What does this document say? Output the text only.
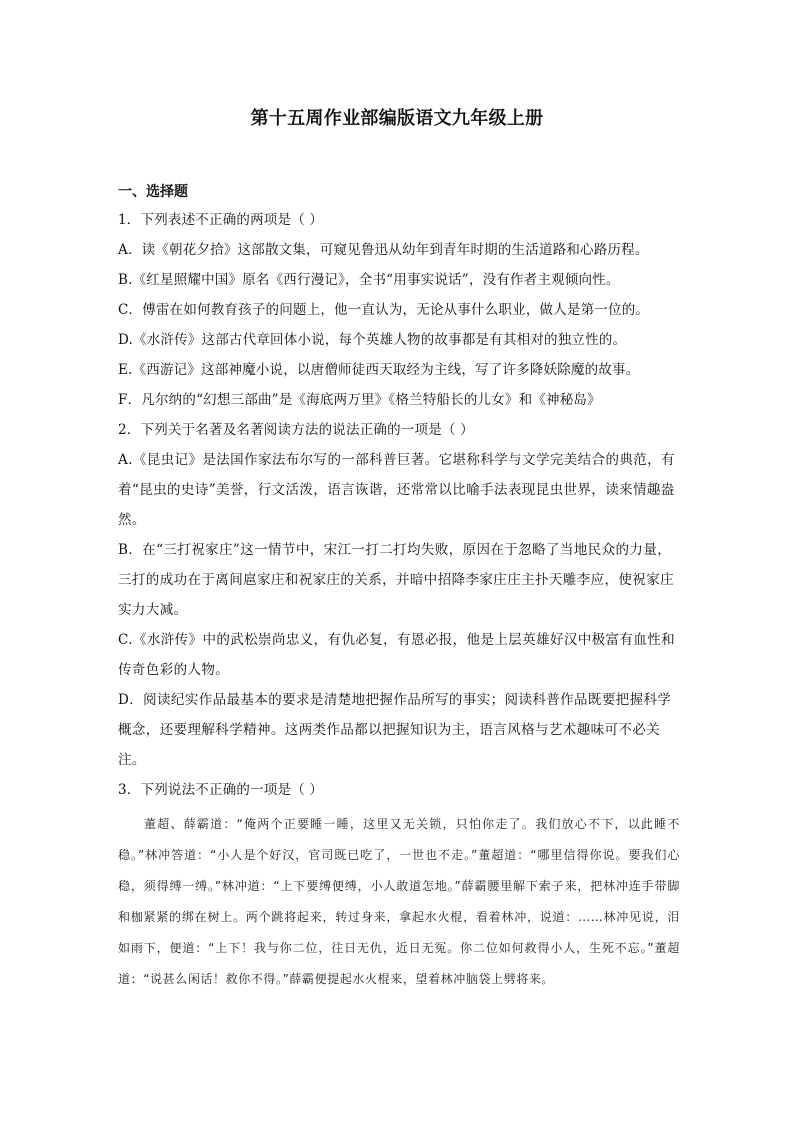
第十五周作业部编版语文九年级上册
一、选择题
1．下列表述不正确的两项是（ ）
A．读《朝花夕拾》这部散文集，可窥见鲁迅从幼年到青年时期的生活道路和心路历程。
B.《红星照耀中国》原名《西行漫记》，全书“用事实说话”，没有作者主观倾向性。
C．傅雷在如何教育孩子的问题上，他一直认为，无论从事什么职业，做人是第一位的。
D.《水浒传》这部古代章回体小说，每个英雄人物的故事都是有其相对的独立性的。
E.《西游记》这部神魔小说，以唐僧师徒西天取经为主线，写了许多降妖除魔的故事。
F．凡尔纳的“幻想三部曲”是《海底两万里》《格兰特船长的儿女》和《神秘岛》
2．下列关于名著及名著阅读方法的说法正确的一项是（ ）
A.《昆虫记》是法国作家法布尔写的一部科普巨著。它堪称科学与文学完美结合的典范，有着“昆虫的史诗”美誉，行文活泼，语言诙谐，还常常以比喻手法表现昆虫世界，读来情趣盎然。
B．在“三打祝家庄”这一情节中，宋江一打二打均失败，原因在于忽略了当地民众的力量，三打的成功在于离间扈家庄和祝家庄的关系，并暗中招降李家庄庄主扑天雕李应，使祝家庄实力大减。
C.《水浒传》中的武松崇尚忠义，有仇必复，有恩必报，他是上层英雄好汉中极富有血性和传奇色彩的人物。
D．阅读纪实作品最基本的要求是清楚地把握作品所写的事实；阅读科普作品既要把握科学概念，还要理解科学精神。这两类作品都以把握知识为主，语言风格与艺术趣味可不必关注。
3．下列说法不正确的一项是（ ）
董超、薛霸道：“俺两个正要睡一睡，这里又无关锁，只怕你走了。我们放心不下，以此睡不稳。”林冲答道：“小人是个好汉，官司既已吃了，一世也不走。”董超道：“哪里信得你说。要我们心稳，须得缚一缚。”林冲道：“上下要缚便缚，小人敢道怎地。”薛霸腰里解下索子来，把林冲连手带脚和枷紧紧的绑在树上。两个跳将起来，转过身来，拿起水火棍，看着林冲，说道：……林冲见说，泪如雨下，便道：“上下！我与你二位，往日无仇，近日无冤。你二位如何救得小人，生死不忘。”董超道：“说甚么闲话！救你不得。”薛霸便提起水火棍来，望着林冲脑袋上劈将来。
